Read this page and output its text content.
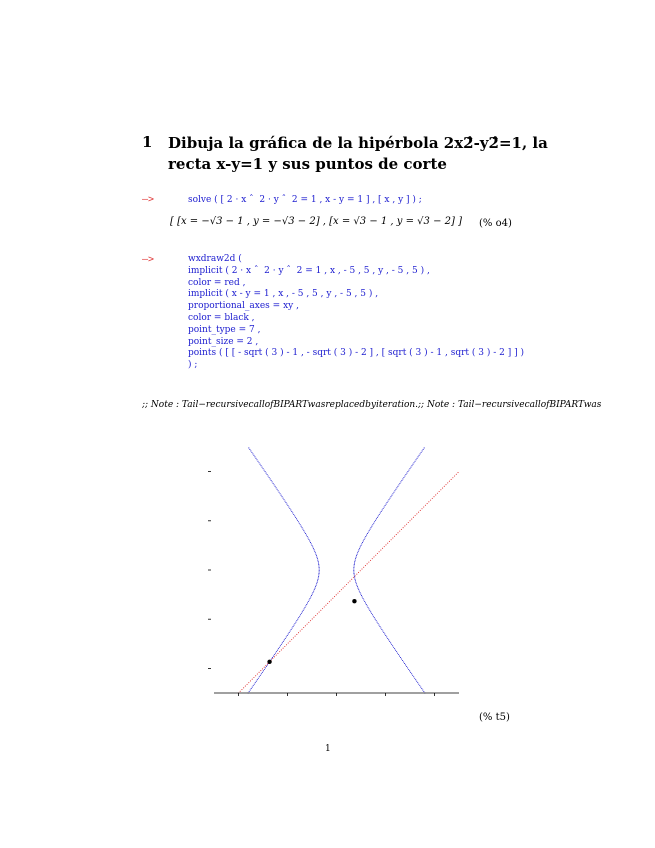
1 Dibuja la gráfica de la hipérbola 2x2̂-y2̂=1, la recta x-y=1 y sus puntos de corte
–>	solve ( [ 2 · x ˆ  2 · y ˆ  2 = 1 , x - y = 1 ] , [ x , y ] ) ;
[ [x = −√3 − 1 , y = −√3 − 2] , [x = √3 − 1 , y = √3 − 2] ] (% o4)
–>	wxdraw2d (
implicit ( 2 · x ˆ  2 · y ˆ  2 = 1 , x , - 5 , 5 , y , - 5 , 5 ) ,
color = red ,
implicit ( x - y = 1 , x , - 5 , 5 , y , - 5 , 5 ) ,
proportional_axes = xy ,
color = black ,
point_type = 7 ,
point_size = 2 ,
points ( [ [ - sqrt ( 3 ) - 1 , - sqrt ( 3 ) - 2 ] , [ sqrt ( 3 ) - 1 , sqrt ( 3 ) - 2 ] ] )
) ;
;; Note : Tail−recursivecallofBIPARTwasreplacedbyiteration.;; Note : Tail−recursivecallofBIPARTwas
(% t5)
1
